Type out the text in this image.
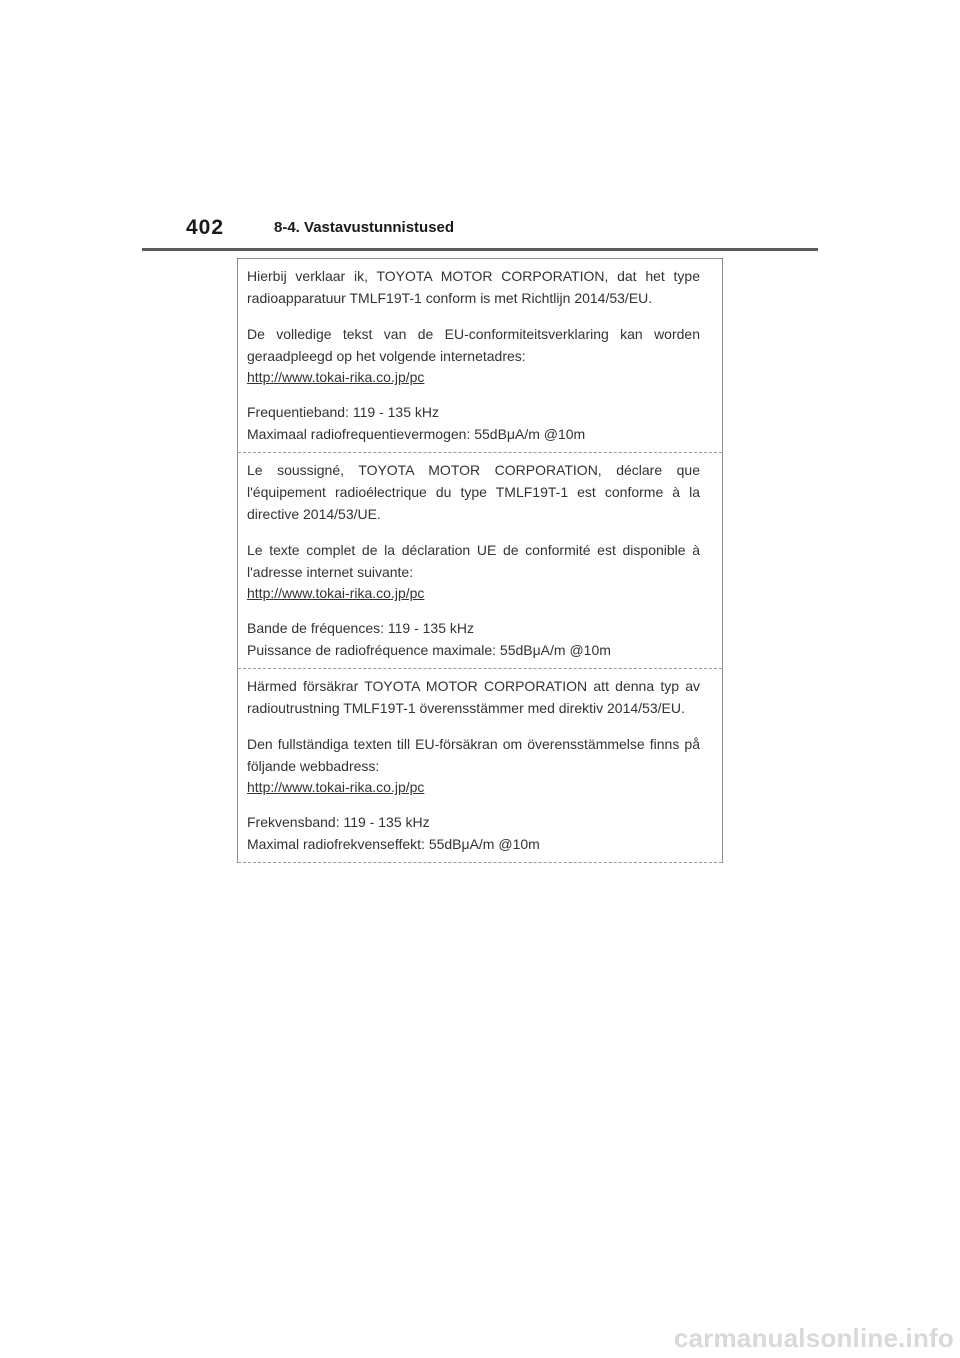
402	8-4. Vastavustunnistused

Hierbij verklaar ik, TOYOTA MOTOR CORPORATION, dat het type radioapparatuur TMLF19T-1 conform is met Richtlijn 2014/53/EU.

De volledige tekst van de EU-conformiteitsverklaring kan worden geraadpleegd op het volgende internetadres:

http://www.tokai-rika.co.jp/pc

Frequentieband: 119 - 135 kHz

Maximaal radiofrequentievermogen: 55dBμA/m @10m

Le soussigné, TOYOTA MOTOR CORPORATION, déclare que l'équipement radioélectrique du type TMLF19T-1 est conforme à la directive 2014/53/UE.

Le texte complet de la déclaration UE de conformité est disponible à l'adresse internet suivante:

http://www.tokai-rika.co.jp/pc

Bande de fréquences: 119 - 135 kHz

Puissance de radiofréquence maximale: 55dBμA/m @10m

Härmed försäkrar TOYOTA MOTOR CORPORATION att denna typ av radioutrustning TMLF19T-1 överensstämmer med direktiv 2014/53/EU.

Den fullständiga texten till EU-försäkran om överensstämmelse finns på följande webbadress:

http://www.tokai-rika.co.jp/pc

Frekvensband: 119 - 135 kHz

Maximal radiofrekvenseffekt: 55dBμA/m @10m

carmanualsonline.info
